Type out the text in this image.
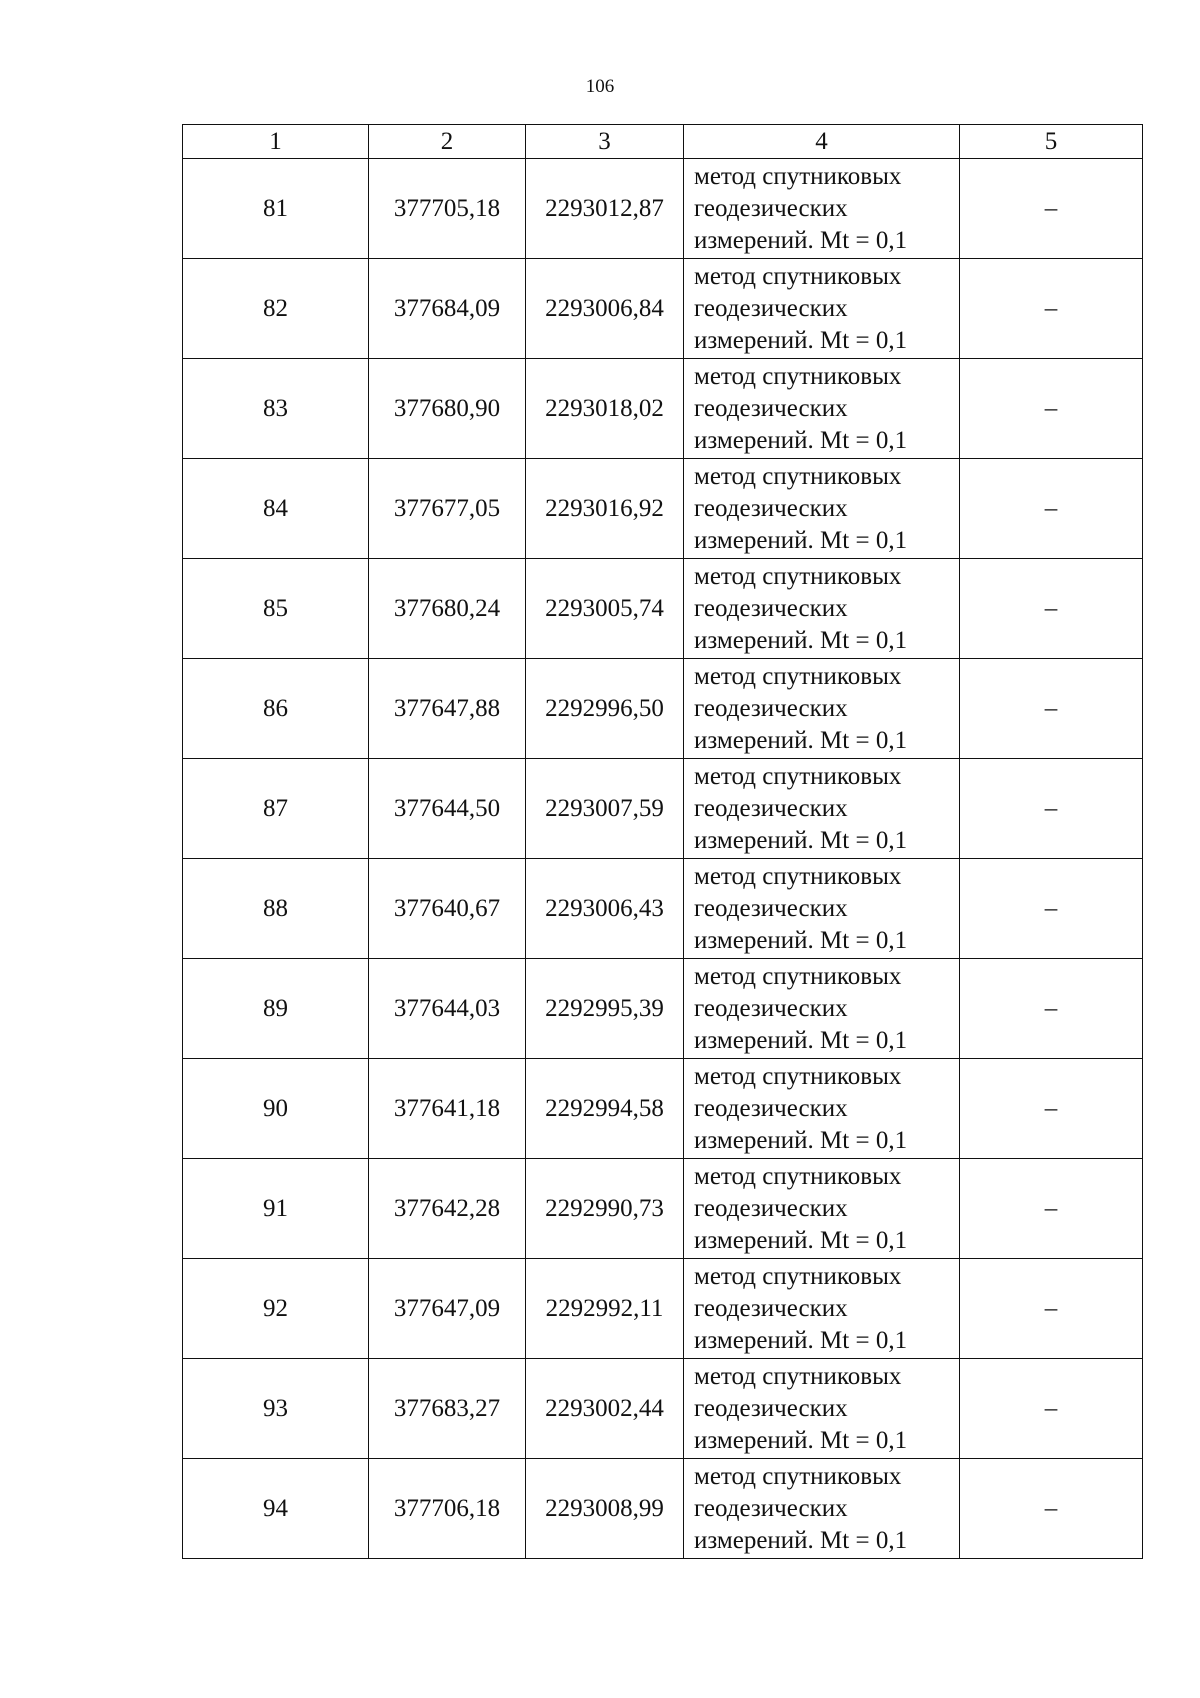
106
1	2	3	4	5
81	377705,18	2293012,87	метод спутниковых
геодезических
измерений. Mt = 0,1	–
82	377684,09	2293006,84	метод спутниковых
геодезических
измерений. Mt = 0,1	–
83	377680,90	2293018,02	метод спутниковых
геодезических
измерений. Mt = 0,1	–
84	377677,05	2293016,92	метод спутниковых
геодезических
измерений. Mt = 0,1	–
85	377680,24	2293005,74	метод спутниковых
геодезических
измерений. Mt = 0,1	–
86	377647,88	2292996,50	метод спутниковых
геодезических
измерений. Mt = 0,1	–
87	377644,50	2293007,59	метод спутниковых
геодезических
измерений. Mt = 0,1	–
88	377640,67	2293006,43	метод спутниковых
геодезических
измерений. Mt = 0,1	–
89	377644,03	2292995,39	метод спутниковых
геодезических
измерений. Mt = 0,1	–
90	377641,18	2292994,58	метод спутниковых
геодезических
измерений. Mt = 0,1	–
91	377642,28	2292990,73	метод спутниковых
геодезических
измерений. Mt = 0,1	–
92	377647,09	2292992,11	метод спутниковых
геодезических
измерений. Mt = 0,1	–
93	377683,27	2293002,44	метод спутниковых
геодезических
измерений. Mt = 0,1	–
94	377706,18	2293008,99	метод спутниковых
геодезических
измерений. Mt = 0,1	–
